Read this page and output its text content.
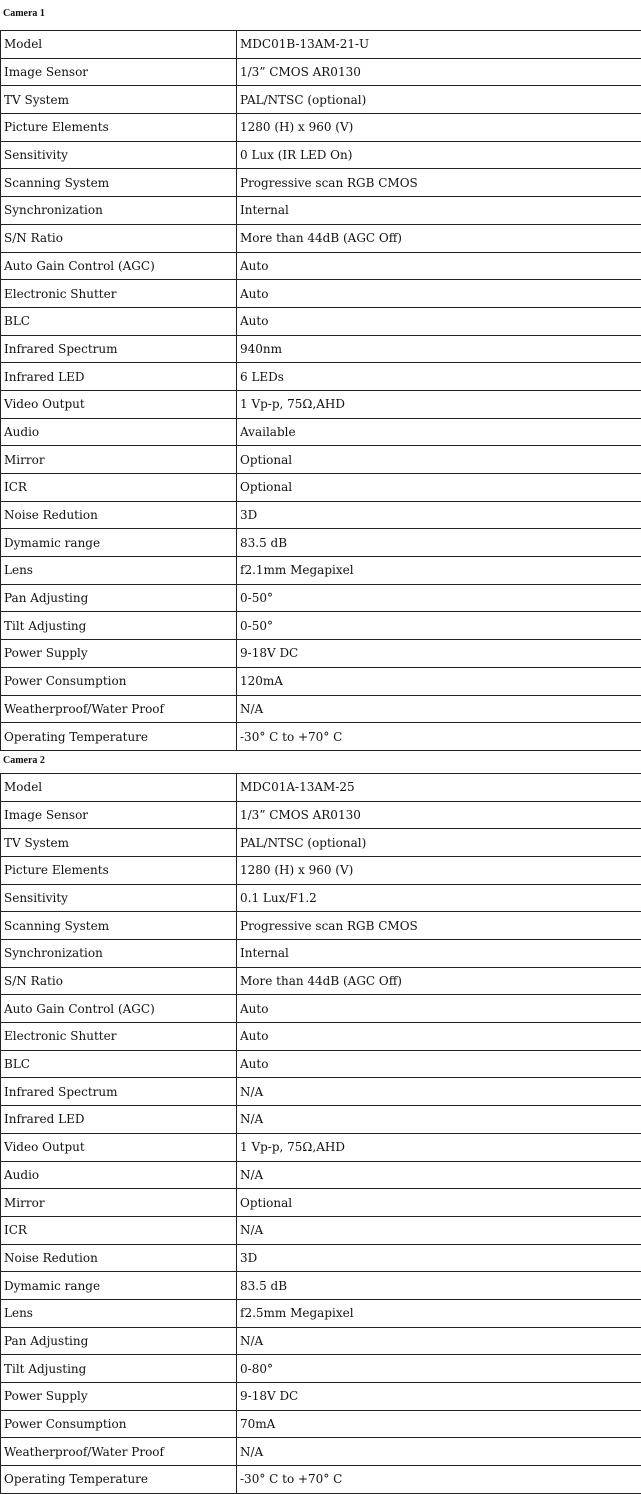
Camera 1
Model	MDC01B-13AM-21-U
Image Sensor	1/3” CMOS AR0130
TV System	PAL/NTSC (optional)
Picture Elements	1280 (H) x 960 (V)
Sensitivity	0 Lux (IR LED On)
Scanning System	Progressive scan RGB CMOS
Synchronization	Internal
S/N Ratio	More than 44dB (AGC Off)
Auto Gain Control (AGC)	Auto
Electronic Shutter	Auto
BLC	Auto
Infrared Spectrum	940nm
Infrared LED	6 LEDs
Video Output	1 Vp-p, 75Ω,AHD
Audio	Available
Mirror	Optional
ICR	Optional
Noise Redution	3D
Dymamic range	83.5 dB
Lens	f2.1mm Megapixel
Pan Adjusting	0-50°
Tilt Adjusting	0-50°
Power Supply	9-18V DC
Power Consumption	120mA
Weatherproof/Water Proof	N/A
Operating Temperature	-30° C to +70° C
Camera 2
Model	MDC01A-13AM-25
Image Sensor	1/3” CMOS AR0130
TV System	PAL/NTSC (optional)
Picture Elements	1280 (H) x 960 (V)
Sensitivity	0.1 Lux/F1.2
Scanning System	Progressive scan RGB CMOS
Synchronization	Internal
S/N Ratio	More than 44dB (AGC Off)
Auto Gain Control (AGC)	Auto
Electronic Shutter	Auto
BLC	Auto
Infrared Spectrum	N/A
Infrared LED	N/A
Video Output	1 Vp-p, 75Ω,AHD
Audio	N/A
Mirror	Optional
ICR	N/A
Noise Redution	3D
Dymamic range	83.5 dB
Lens	f2.5mm Megapixel
Pan Adjusting	N/A
Tilt Adjusting	0-80°
Power Supply	9-18V DC
Power Consumption	70mA
Weatherproof/Water Proof	N/A
Operating Temperature	-30° C to +70° C
